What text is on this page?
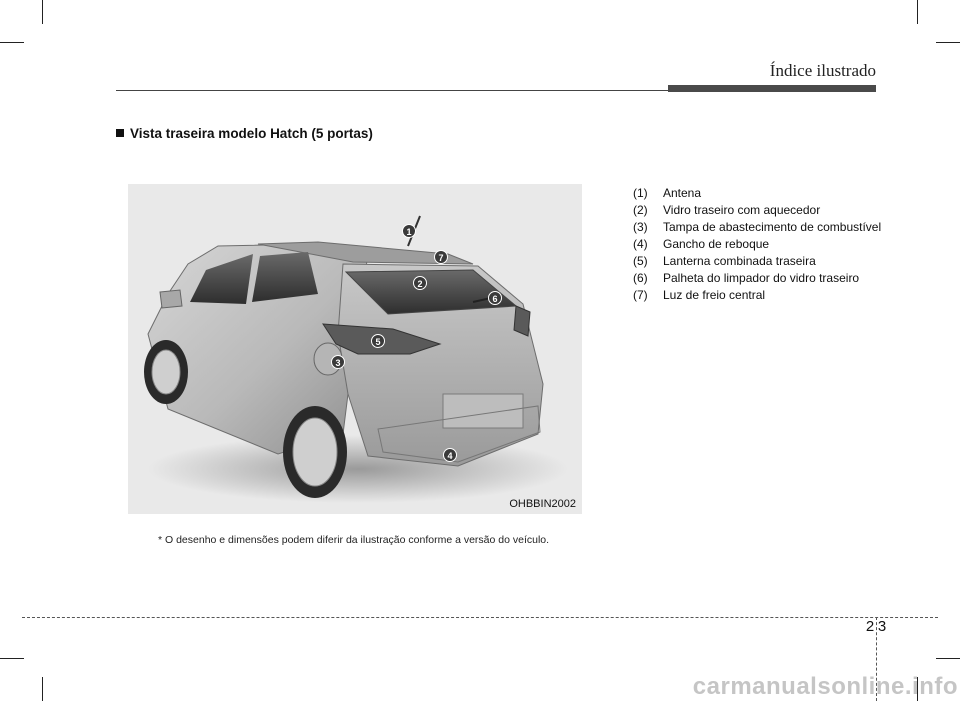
Índice ilustrado
Vista traseira modelo Hatch (5 portas)
1
2
3
4
5
6
7
OHBBIN2002
* O desenho e dimensões podem diferir da ilustração conforme a versão do veículo.
(1)	Antena
(2)	Vidro traseiro com aquecedor
(3)	Tampa de abastecimento de combustível
(4)	Gancho de reboque
(5)	Lanterna combinada traseira
(6)	Palheta do limpador do vidro traseiro
(7)	Luz de freio central
2 3
carmanualsonline.info
